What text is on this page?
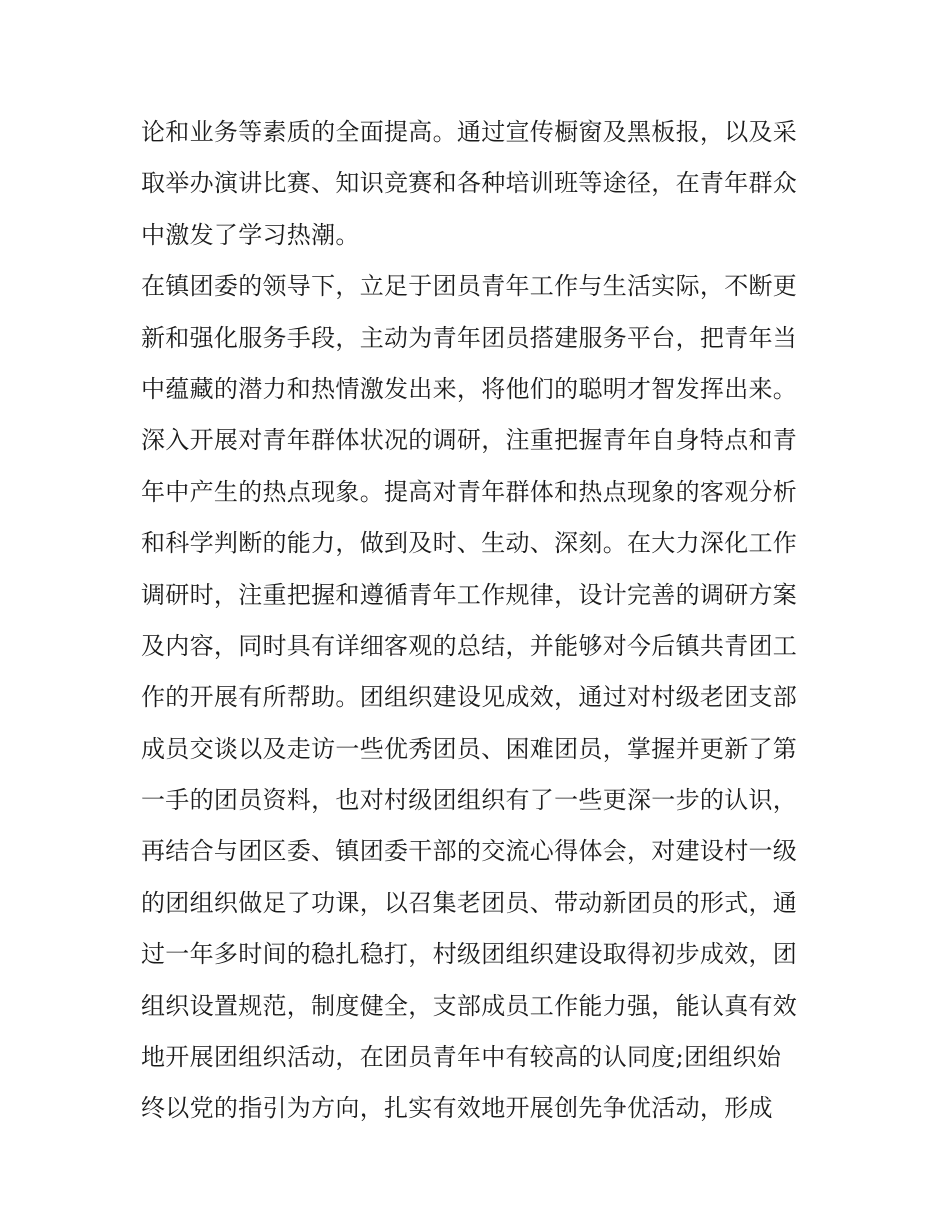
论和业务等素质的全面提高。通过宣传橱窗及黑板报，以及采
取举办演讲比赛、知识竞赛和各种培训班等途径，在青年群众
中激发了学习热潮。
在镇团委的领导下，立足于团员青年工作与生活实际，不断更
新和强化服务手段，主动为青年团员搭建服务平台，把青年当
中蕴藏的潜力和热情激发出来，将他们的聪明才智发挥出来。
深入开展对青年群体状况的调研，注重把握青年自身特点和青
年中产生的热点现象。提高对青年群体和热点现象的客观分析
和科学判断的能力，做到及时、生动、深刻。在大力深化工作
调研时，注重把握和遵循青年工作规律，设计完善的调研方案
及内容，同时具有详细客观的总结，并能够对今后镇共青团工
作的开展有所帮助。团组织建设见成效，通过对村级老团支部
成员交谈以及走访一些优秀团员、困难团员，掌握并更新了第
一手的团员资料，也对村级团组织有了一些更深一步的认识，
再结合与团区委、镇团委干部的交流心得体会，对建设村一级
的团组织做足了功课，以召集老团员、带动新团员的形式，通
过一年多时间的稳扎稳打，村级团组织建设取得初步成效，团
组织设置规范，制度健全，支部成员工作能力强，能认真有效
地开展团组织活动，在团员青年中有较高的认同度;团组织始
终以党的指引为方向，扎实有效地开展创先争优活动，形成
